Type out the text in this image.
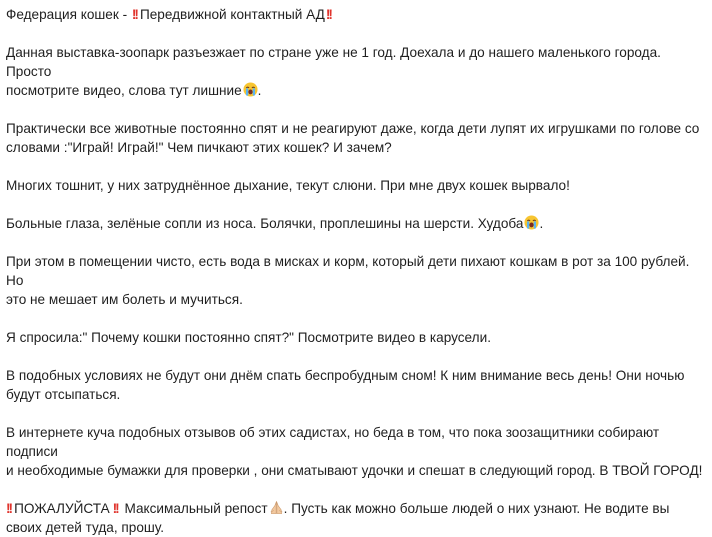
Федерация кошек - !! Передвижной контактный АД!!
Данная выставка-зоопарк разъезжает по стране уже не 1 год. Доехала и до нашего маленького города. Просто
посмотрите видео, слова тут лишние .
Практически все животные постоянно спят и не реагируют даже, когда дети лупят их игрушками по голове со
словами :"Играй! Играй!" Чем пичкают этих кошек? И зачем?
Многих тошнит, у них затруднённое дыхание, текут слюни. При мне двух кошек вырвало!
Больные глаза, зелёные сопли из носа. Болячки, проплешины на шерсти. Худоба .
При этом в помещении чисто, есть вода в мисках и корм, который дети пихают кошкам в рот за 100 рублей. Но
это не мешает им болеть и мучиться.
Я спросила:" Почему кошки постоянно спят?" Посмотрите видео в карусели.
В подобных условиях не будут они днём спать беспробудным сном! К ним внимание весь день! Они ночью
будут отсыпаться.
В интернете куча подобных отзывов об этих садистах, но беда в том, что пока зоозащитники собирают подписи
и необходимые бумажки для проверки , они сматывают удочки и спешат в следующий город. В ТВОЙ ГОРОД!
!! ПОЖАЛУЙСТА !! Максимальный репост . Пусть как можно больше людей о них узнают. Не водите вы
своих детей туда, прошу.
